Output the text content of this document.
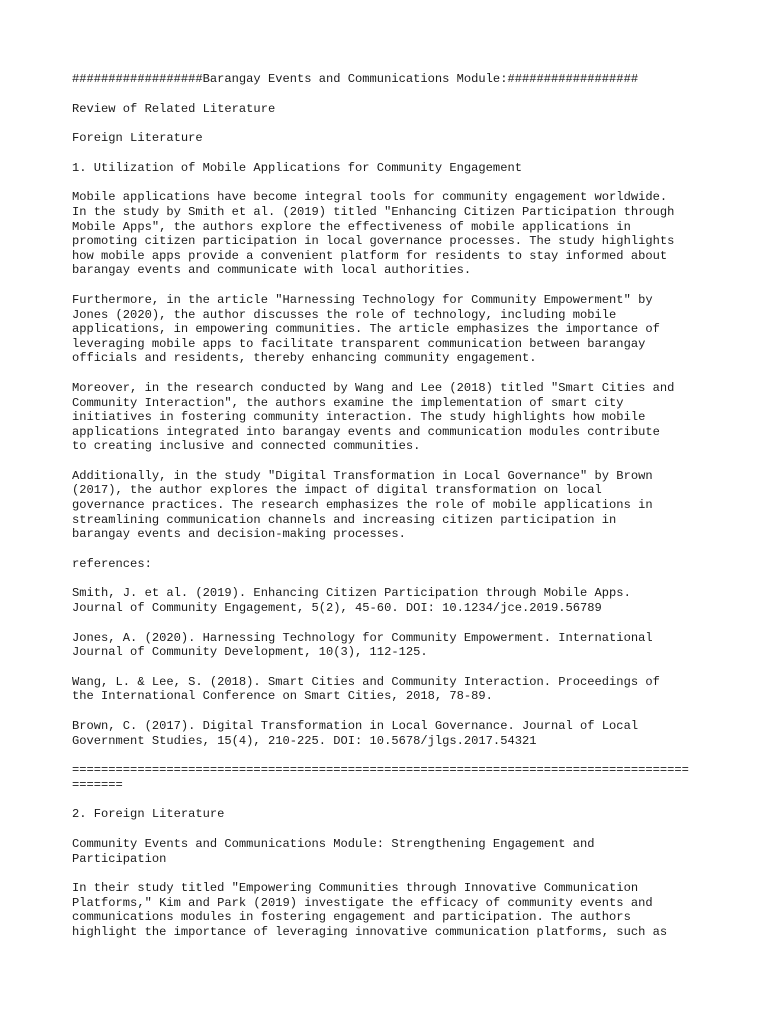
##################Barangay Events and Communications Module:##################

Review of Related Literature

Foreign Literature

1. Utilization of Mobile Applications for Community Engagement

Mobile applications have become integral tools for community engagement worldwide.
In the study by Smith et al. (2019) titled "Enhancing Citizen Participation through
Mobile Apps", the authors explore the effectiveness of mobile applications in
promoting citizen participation in local governance processes. The study highlights
how mobile apps provide a convenient platform for residents to stay informed about
barangay events and communicate with local authorities.

Furthermore, in the article "Harnessing Technology for Community Empowerment" by
Jones (2020), the author discusses the role of technology, including mobile
applications, in empowering communities. The article emphasizes the importance of
leveraging mobile apps to facilitate transparent communication between barangay
officials and residents, thereby enhancing community engagement.

Moreover, in the research conducted by Wang and Lee (2018) titled "Smart Cities and
Community Interaction", the authors examine the implementation of smart city
initiatives in fostering community interaction. The study highlights how mobile
applications integrated into barangay events and communication modules contribute
to creating inclusive and connected communities.

Additionally, in the study "Digital Transformation in Local Governance" by Brown
(2017), the author explores the impact of digital transformation on local
governance practices. The research emphasizes the role of mobile applications in
streamlining communication channels and increasing citizen participation in
barangay events and decision-making processes.

references:

Smith, J. et al. (2019). Enhancing Citizen Participation through Mobile Apps.
Journal of Community Engagement, 5(2), 45-60. DOI: 10.1234/jce.2019.56789

Jones, A. (2020). Harnessing Technology for Community Empowerment. International
Journal of Community Development, 10(3), 112-125.

Wang, L. & Lee, S. (2018). Smart Cities and Community Interaction. Proceedings of
the International Conference on Smart Cities, 2018, 78-89.

Brown, C. (2017). Digital Transformation in Local Governance. Journal of Local
Government Studies, 15(4), 210-225. DOI: 10.5678/jlgs.2017.54321

=====================================================================================
=======

2. Foreign Literature

Community Events and Communications Module: Strengthening Engagement and
Participation

In their study titled "Empowering Communities through Innovative Communication
Platforms," Kim and Park (2019) investigate the efficacy of community events and
communications modules in fostering engagement and participation. The authors
highlight the importance of leveraging innovative communication platforms, such as
